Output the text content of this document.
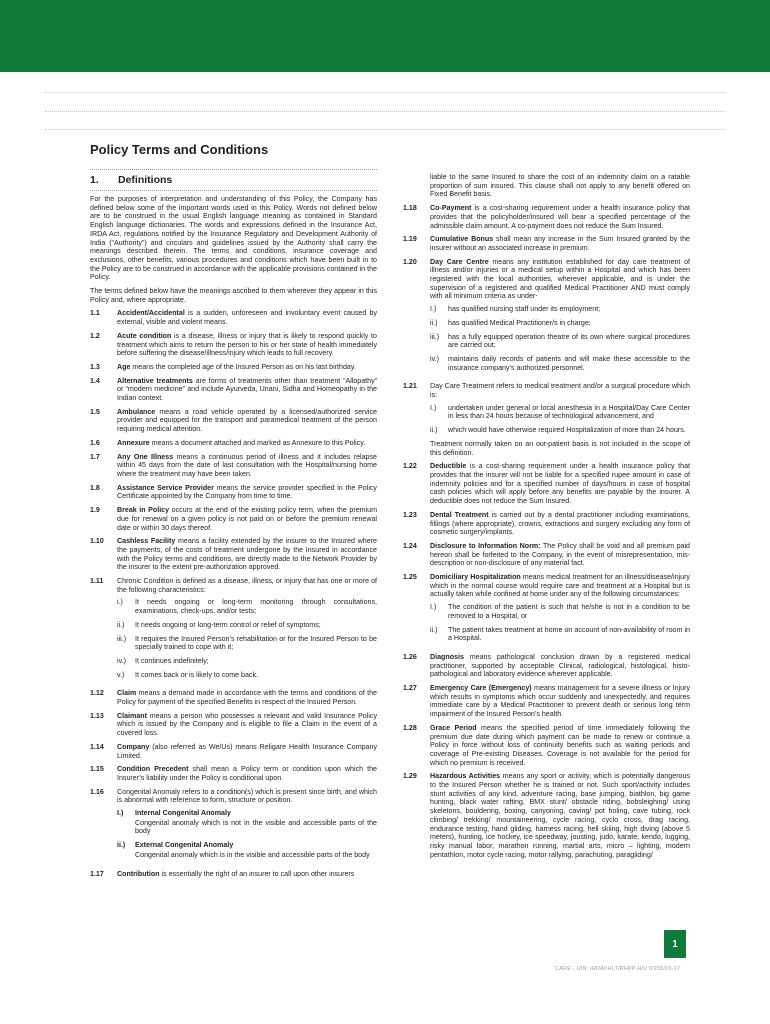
Policy Terms and Conditions
1. Definitions

For the purposes of interpretation and understanding of this Policy, the Company has defined below some of the important words used in this Policy. Words not defined below are to be construed in the usual English language meaning as contained in Standard English language dictionaries. The words and expressions defined in the Insurance Act, IRDA Act, regulations notified by the Insurance Regulatory and Development Authority of India (“Authority”) and circulars and guidelines issued by the Authority shall carry the meanings described therein. The terms and conditions, insurance coverage and exclusions, other benefits, various procedures and conditions which have been built in to the Policy are to be construed in accordance with the applicable provisions contained in the Policy.

The terms defined below have the meanings ascribed to them wherever they appear in this Policy and, where appropriate.

1.1	Accident/Accidental is a sudden, unforeseen and involuntary event caused by external, visible and violent means.
1.2	Acute condition is a disease, illness or injury that is likely to respond quickly to treatment which aims to return the person to his or her state of health immediately before suffering the disease/illness/injury which leads to full recovery.
1.3	Age means the completed age of the Insured Person as on his last birthday.
1.4	Alternative treatments are forms of treatments other than treatment “Allopathy” or “modern medicine” and include Ayurveda, Unani, Sidha and Homeopathy in the Indian context.
1.5	Ambulance means a road vehicle operated by a licensed/authorized service provider and equipped for the transport and paramedical treatment of the person requiring medical attention.
1.6	Annexure means a document attached and marked as Annexure to this Policy.
1.7	Any One Illness means a continuous period of illness and it includes relapse within 45 days from the date of last consultation with the Hospital/nursing home where the treatment may have been taken.
1.8	Assistance Service Provider means the service provider specified in the Policy Certificate appointed by the Company from time to time.
1.9	Break in Policy occurs at the end of the existing policy term, when the premium due for renewal on a given policy is not paid on or before the premium renewal date or within 30 days thereof.
1.10	Cashless Facility means a facility extended by the insurer to the Insured where the payments, of the costs of treatment undergone by the Insured in accordance with the Policy terms and conditions, are directly made to the Network Provider by the insurer to the extent pre-authorization approved.
1.11	Chronic Condition is defined as a disease, illness, or injury that has one or more of the following characteristics:
i.)	It needs ongoing or long-term monitoring through consultations, examinations, check-ups, and/or tests;
ii.)	It needs ongoing or long-term control or relief of symptoms;
iii.)	It requires the Insured Person’s rehabilitation or for the Insured Person to be specially trained to cope with it;
iv.)	It continues indefinitely;
v.)	It comes back or is likely to come back.
1.12	Claim means a demand made in accordance with the terms and conditions of the Policy for payment of the specified Benefits in respect of the Insured Person.
1.13	Claimant means a person who possesses a relevant and valid Insurance Policy which is issued by the Company and is eligible to file a Claim in the event of a covered loss.
1.14	Company (also referred as We/Us) means Religare Health Insurance Company Limited.
1.15	Condition Precedent shall mean a Policy term or condition upon which the Insurer’s liability under the Policy is conditional upon.
1.16	Congenital Anomaly refers to a condition(s) which is present since birth, and which is abnormal with reference to form, structure or position.
I.)	Internal Congenital Anomaly
Congenital anomaly which is not in the visible and accessible parts of the body
ii.)	External Congenital Anomaly
Congenital anomaly which is in the visible and accessible parts of the body
1.17	Contribution is essentially the right of an insurer to call upon other insurers
liable to the same Insured to share the cost of an indemnity claim on a ratable proportion of sum insured. This clause shall not apply to any benefit offered on Fixed Benefit basis.
1.18	Co-Payment is a cost-sharing requirement under a health insurance policy that provides that the policyholder/insured will bear a specified percentage of the admissible claim amount. A co-payment does not reduce the Sum Insured.
1.19	Cumulative Bonus shall mean any increase in the Sum Insured granted by the insurer without an associated increase in premium.
1.20	Day Care Centre means any institution established for day care treatment of illness and/or injuries or a medical setup within a Hospital and which has been registered with the local authorities, wherever applicable, and is under the supervision of a registered and qualified Medical Practitioner AND must comply with all minimum criteria as under-
I.)	has qualified nursing staff under its employment;
ii.)	has qualified Medical Practitioner/s in charge;
iii.)	has a fully equipped operation theatre of its own where surgical procedures are carried out;
iv.)	maintains daily records of patients and will make these accessible to the insurance company’s authorized personnel.
1.21	Day Care Treatment refers to medical treatment and/or a surgical procedure which is:
I.)	undertaken under general or local anesthesia in a Hospital/Day Care Center in less than 24 hours because of technological advancement, and
ii.)	which would have otherwise required Hospitalization of more than 24 hours.
Treatment normally taken on an out-patient basis is not included in the scope of this definition.
1.22	Deductible is a cost-sharing requirement under a health insurance policy that provides that the insurer will not be liable for a specified rupee amount in case of indemnity policies and for a specified number of days/hours in case of hospital cash policies which will apply before any benefits are payable by the insurer. A deductible does not reduce the Sum Insured.
1.23	Dental Treatment is carried out by a dental practitioner including examinations, fillings (where appropriate), crowns, extractions and surgery excluding any form of cosmetic surgery/implants.
1.24	Disclosure to Information Norm: The Policy shall be void and all premium paid hereon shall be forfeited to the Company, in the event of misrepresentation, mis-description or non-disclosure of any material fact.
1.25	Domiciliary Hospitalization means medical treatment for an illness/disease/injury which in the normal course would require care and treatment at a Hospital but is actually taken while confined at home under any of the following circumstances:
I.)	The condition of the patient is such that he/she is not in a condition to be removed to a Hospital, or
ii.)	The patient takes treatment at home on account of non-availability of room in a Hospital.
1.26	Diagnosis means pathological conclusion drawn by a registered medical practitioner, supported by acceptable Clinical, radiological, histological, histo-pathological and laboratory evidence wherever applicable.
1.27	Emergency Care (Emergency) means management for a severe illness or Injury which results in symptoms which occur suddenly and unexpectedly, and requires immediate care by a Medical Practitioner to prevent death or serious long term impairment of the Insured Person’s health.
1.28	Grace Period means the specified period of time immediately following the premium due date during which payment can be made to renew or continue a Policy in force without loss of continuity benefits such as waiting periods and coverage of Pre-existing Diseases. Coverage is not available for the period for which no premium is received.
1.29	Hazardous Activities means any sport or activity, which is potentially dangerous to the Insured Person whether he is trained or not. Such sport/activity includes stunt activities of any kind, adventure racing, base jumping, biathlon, big game hunting, black water rafting, BMX stunt/ obstacle riding, bobsleighing/ using skeletons, bouldering, boxing, canyoning, caving/ pot holing, cave tubing, rock climbing/ trekking/ mountaineering, cycle racing, cyclo cross, drag racing, endurance testing, hand gliding, harness racing, hell skiing, high diving (above 5 meters), hunting, ice hockey, ice speedway, jousting, judo, karate, kendo, lugging, risky manual labor, marathon running, martial arts, micro – lighting, modern pentathlon, motor cycle racing, motor rallying, parachuting, paragliding/
CARE - UIN: IRDAI/HLT/RHI/P-H/V.II/255/16-17
1
